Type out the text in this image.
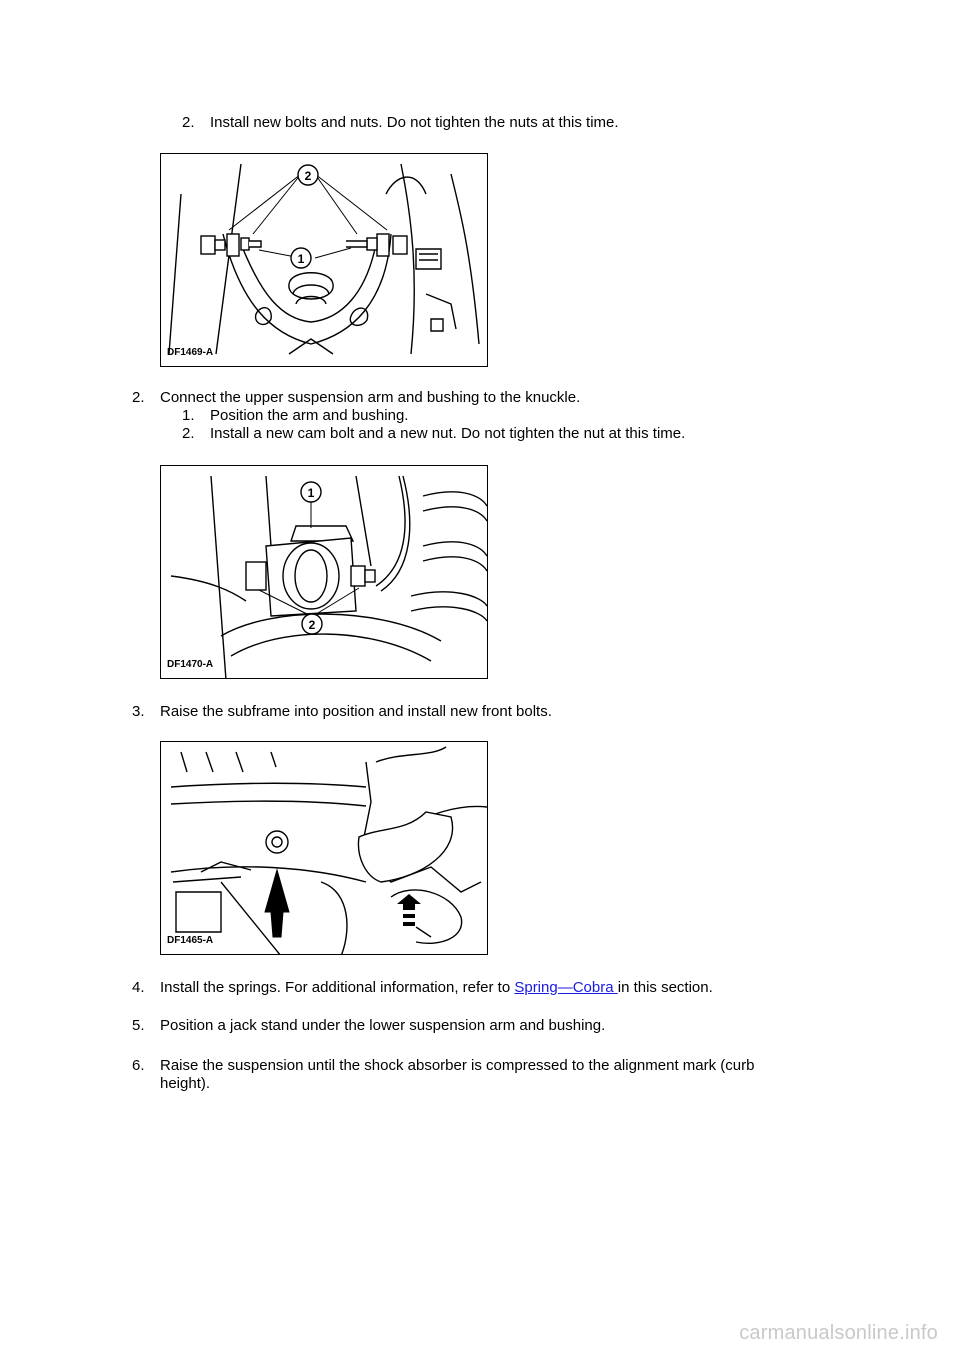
2. Install new bolts and nuts. Do not tighten the nuts at this time.
2
1
DF1469-A
2. Connect the upper suspension arm and bushing to the knuckle.
1. Position the arm and bushing.
2. Install a new cam bolt and a new nut. Do not tighten the nut at this time.
1
2
DF1470-A
3. Raise the subframe into position and install new front bolts.
DF1465-A
4. Install the springs. For additional information, refer to Spring—Cobra in this section.
5. Position a jack stand under the lower suspension arm and bushing.
6. Raise the suspension until the shock absorber is compressed to the alignment mark (curb
height).
carmanualsonline.info
